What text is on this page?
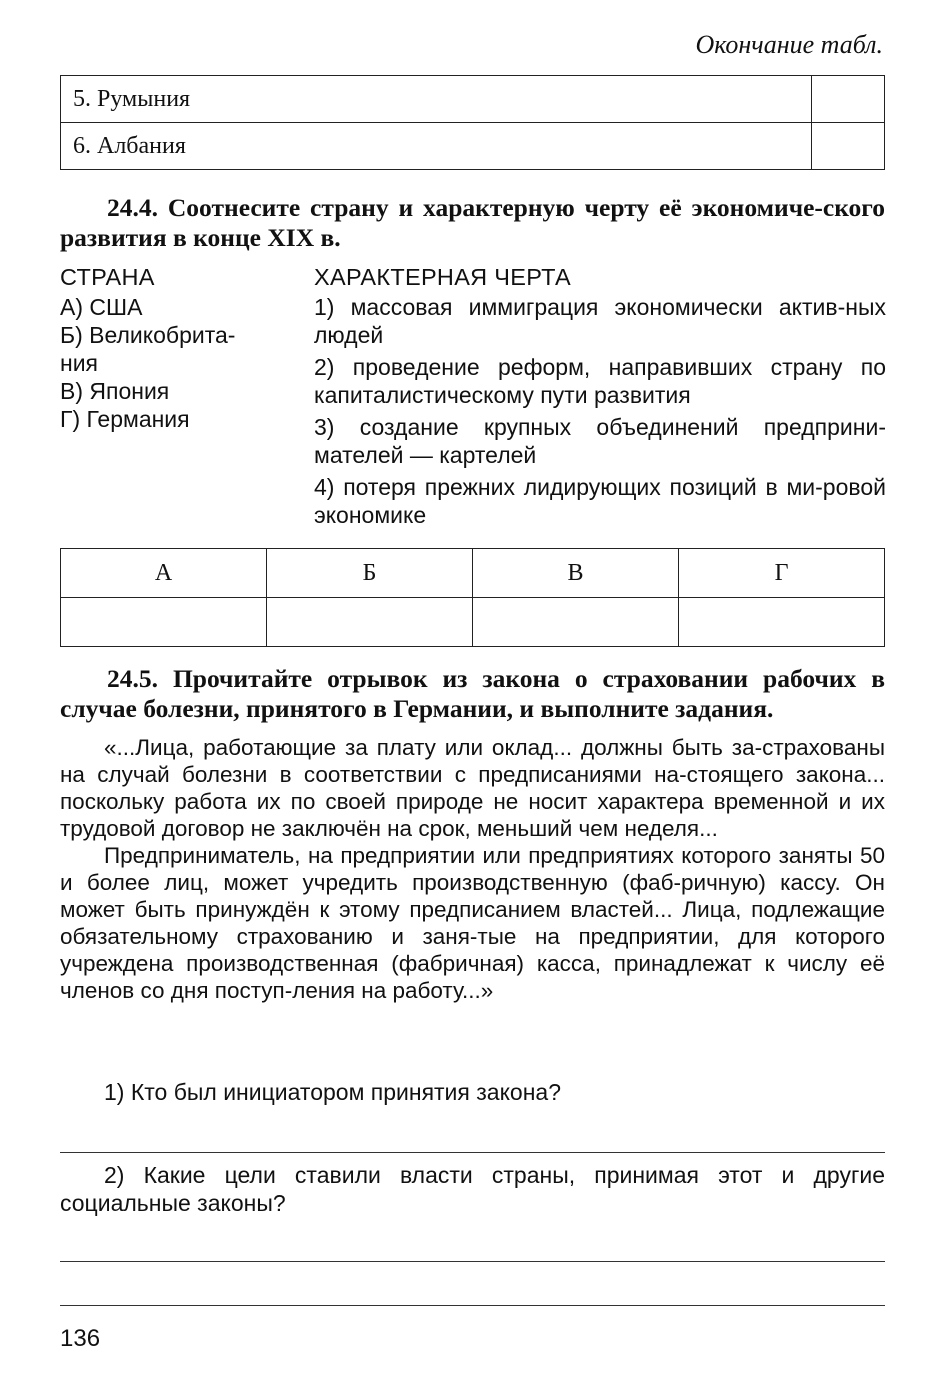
Окончание табл.
5. Румыния	
6. Албания	
24.4. Соотнесите страну и характерную черту её экономиче-ского развития в конце XIX в.
СТРАНА

А) США

Б) Великобрита-ния

В) Япония

Г) Германия

ХАРАКТЕРНАЯ ЧЕРТА

1) массовая иммиграция экономически актив-ных людей

2) проведение реформ, направивших страну по капиталистическому пути развития

3) создание крупных объединений предприни-мателей — картелей

4) потеря прежних лидирующих позиций в ми-ровой экономике

А	Б	В	Г

24.5. Прочитайте отрывок из закона о страховании рабочих в случае болезни, принятого в Германии, и выполните задания.

«...Лица, работающие за плату или оклад... должны быть за-страхованы на случай болезни в соответствии с предписаниями на-стоящего закона... поскольку работа их по своей природе не носит характера временной и их трудовой договор не заключён на срок, меньший чем неделя...

Предприниматель, на предприятии или предприятиях которого заняты 50 и более лиц, может учредить производственную (фаб-ричную) кассу. Он может быть принуждён к этому предписанием властей... Лица, подлежащие обязательному страхованию и заня-тые на предприятии, для которого учреждена производственная (фабричная) касса, принадлежат к числу её членов со дня поступ-ления на работу...»

1) Кто был инициатором принятия закона?
2) Какие цели ставили власти страны, принимая этот и другие социальные законы?
136
